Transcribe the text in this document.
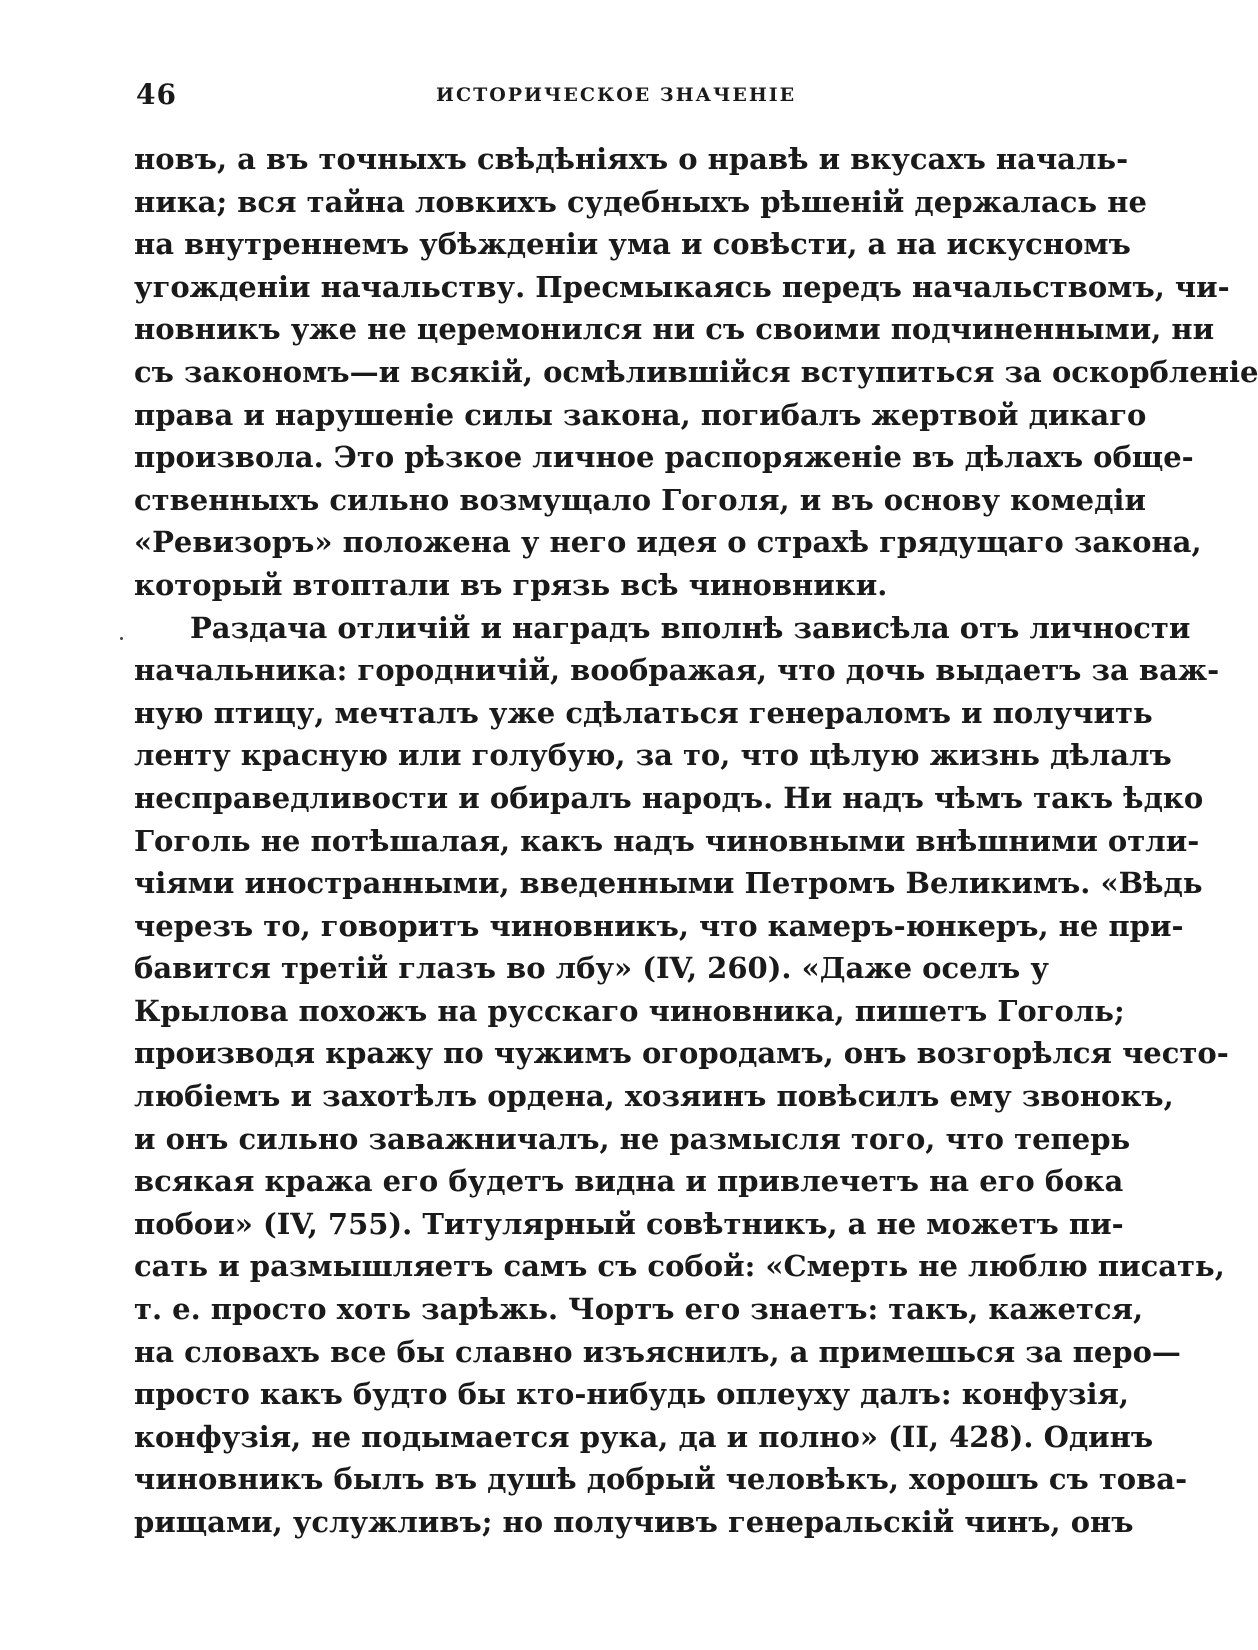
46	ИСТОРИЧЕСКОЕ ЗНАЧЕНІЕ
новъ, а въ точныхъ свѣдѣніяхъ о нравѣ и вкусахъ началь-
ника; вся тайна ловкихъ судебныхъ рѣшеній держалась не
на внутреннемъ убѣжденіи ума и совѣсти, а на искусномъ
угожденіи начальству. Пресмыкаясь передъ начальствомъ, чи-
новникъ уже не церемонился ни съ своими подчиненными, ни
съ закономъ—и всякій, осмѣлившійся вступиться за оскорбленіе
права и нарушеніе силы закона, погибалъ жертвой дикаго
произвола. Это рѣзкое личное распоряженіе въ дѣлахъ обще-
ственныхъ сильно возмущало Гоголя, и въ основу комедіи
«Ревизоръ» положена у него идея о страхѣ грядущаго закона,
который втоптали въ грязь всѣ чиновники.
Раздача отличій и наградъ вполнѣ зависѣла отъ личности
начальника: городничій, воображая, что дочь выдаетъ за важ-
ную птицу, мечталъ уже сдѣлаться генераломъ и получить
ленту красную или голубую, за то, что цѣлую жизнь дѣлалъ
несправедливости и обиралъ народъ. Ни надъ чѣмъ такъ ѣдко
Гоголь не потѣшалая, какъ надъ чиновными внѣшними отли-
чіями иностранными, введенными Петромъ Великимъ. «Вѣдь
черезъ то, говоритъ чиновникъ, что камеръ-юнкеръ, не при-
бавится третій глазъ во лбу» (IV, 260). «Даже оселъ у
Крылова похожъ на русскаго чиновника, пишетъ Гоголь;
производя кражу по чужимъ огородамъ, онъ возгорѣлся често-
любіемъ и захотѣлъ ордена, хозяинъ повѣсилъ ему звонокъ,
и онъ сильно заважничалъ, не размысля того, что теперь
всякая кража его будетъ видна и привлечетъ на его бока
побои» (IV, 755). Титулярный совѣтникъ, а не можетъ пи-
сать и размышляетъ самъ съ собой: «Смерть не люблю писать,
т. е. просто хоть зарѣжь. Чортъ его знаетъ: такъ, кажется,
на словахъ все бы славно изъяснилъ, а примешься за перо—
просто какъ будто бы кто-нибудь оплеуху далъ: конфузія,
конфузія, не подымается рука, да и полно» (II, 428). Одинъ
чиновникъ былъ въ душѣ добрый человѣкъ, хорошъ съ това-
рищами, услужливъ; но получивъ генеральскій чинъ, онъ
